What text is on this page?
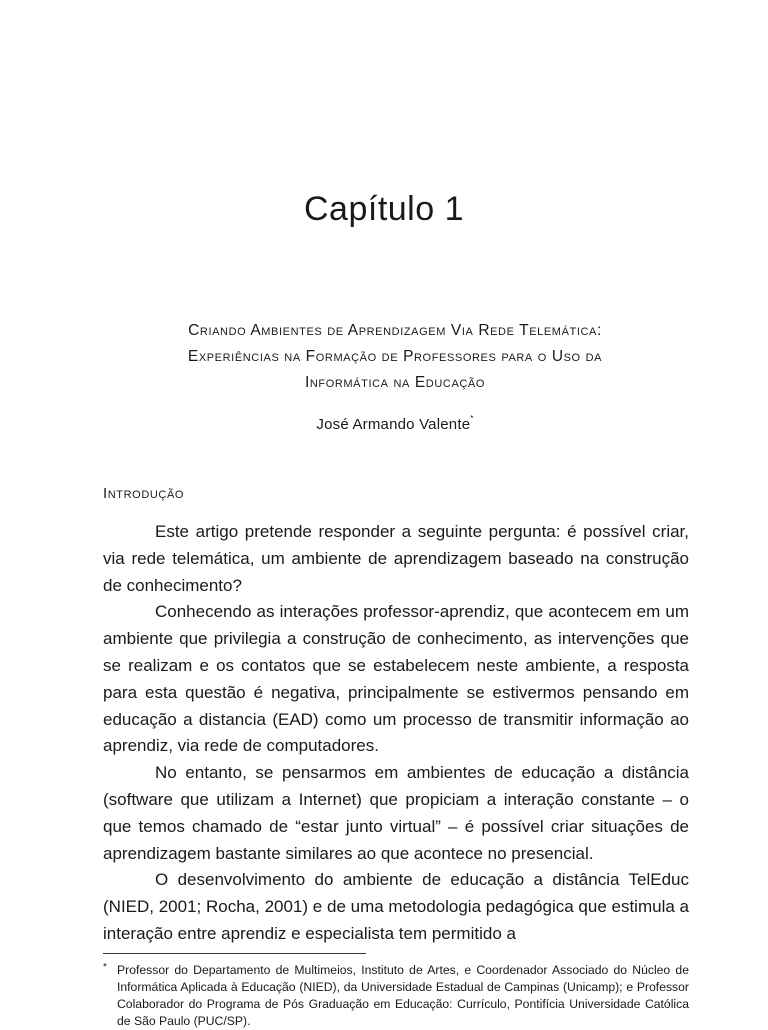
Capítulo 1
Criando Ambientes de Aprendizagem Via Rede Telemática:
Experiências na Formação de Professores para o Uso da
Informática na Educação
José Armando Valente*
Introdução

Este artigo pretende responder a seguinte pergunta: é possível criar, via rede telemática, um ambiente de aprendizagem baseado na construção de conhecimento?

Conhecendo as interações professor-aprendiz, que acontecem em um ambiente que privilegia a construção de conhecimento, as intervenções que se realizam e os contatos que se estabelecem neste ambiente, a resposta para esta questão é negativa, principalmente se estivermos pensando em educação a distancia (EAD) como um processo de transmitir informação ao aprendiz, via rede de computadores.

No entanto, se pensarmos em ambientes de educação a distância (software que utilizam a Internet) que propiciam a interação constante – o que temos chamado de “estar junto virtual” – é possível criar situações de aprendizagem bastante similares ao que acontece no presencial.

O desenvolvimento do ambiente de educação a distância TelEduc (NIED, 2001; Rocha, 2001) e de uma metodologia pedagógica que estimula a interação entre aprendiz e especialista tem permitido a

* Professor do Departamento de Multimeios, Instituto de Artes, e Coordenador Associado do Núcleo de Informática Aplicada à Educação (NIED), da Universidade Estadual de Campinas (Unicamp); e Professor Colaborador do Programa de Pós Graduação em Educação: Currículo, Pontifícia Universidade Católica de São Paulo (PUC/SP).
